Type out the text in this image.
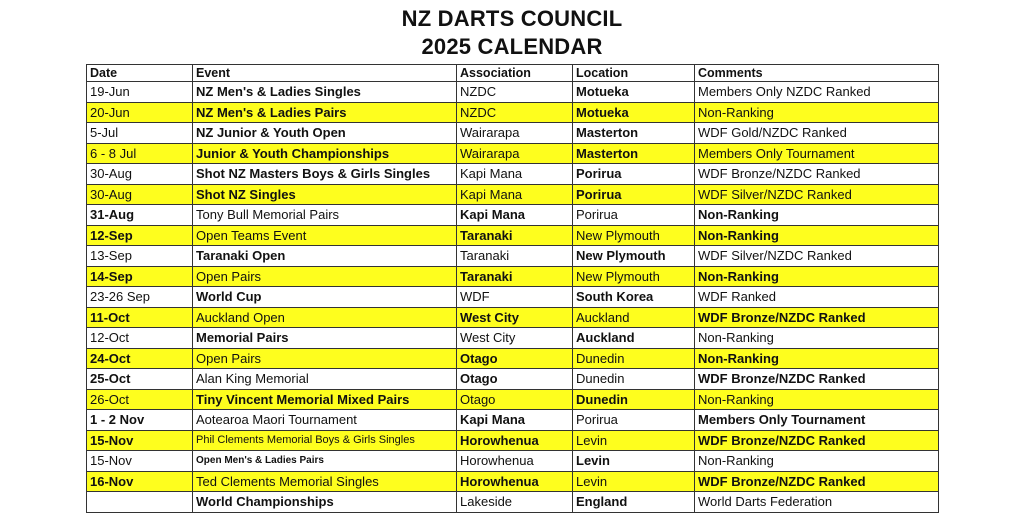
NZ DARTS COUNCIL
2025 CALENDAR
Date	Event	Association	Location	Comments
19-Jun	NZ Men's & Ladies Singles	NZDC	Motueka	Members Only NZDC Ranked
20-Jun	NZ Men's & Ladies Pairs	NZDC	Motueka	Non-Ranking
5-Jul	NZ Junior & Youth Open	Wairarapa	Masterton	WDF Gold/NZDC Ranked
6 - 8 Jul	Junior & Youth Championships	Wairarapa	Masterton	Members Only Tournament
30-Aug	Shot NZ Masters Boys & Girls Singles	Kapi Mana	Porirua	WDF Bronze/NZDC Ranked
30-Aug	Shot NZ Singles	Kapi Mana	Porirua	WDF Silver/NZDC Ranked
31-Aug	Tony Bull Memorial Pairs	Kapi Mana	Porirua	Non-Ranking
12-Sep	Open Teams Event	Taranaki	New Plymouth	Non-Ranking
13-Sep	Taranaki Open	Taranaki	New Plymouth	WDF Silver/NZDC Ranked
14-Sep	Open Pairs	Taranaki	New Plymouth	Non-Ranking
23-26 Sep	World Cup	WDF	South Korea	WDF Ranked
11-Oct	Auckland Open	West City	Auckland	WDF Bronze/NZDC Ranked
12-Oct	Memorial Pairs	West City	Auckland	Non-Ranking
24-Oct	Open Pairs	Otago	Dunedin	Non-Ranking
25-Oct	Alan King Memorial	Otago	Dunedin	WDF Bronze/NZDC Ranked
26-Oct	Tiny Vincent Memorial Mixed Pairs	Otago	Dunedin	Non-Ranking
1 - 2 Nov	Aotearoa Maori Tournament	Kapi Mana	Porirua	Members Only Tournament
15-Nov	Phil Clements Memorial Boys & Girls Singles	Horowhenua	Levin	WDF Bronze/NZDC Ranked
15-Nov	Open Men's & Ladies Pairs	Horowhenua	Levin	Non-Ranking
16-Nov	Ted Clements Memorial Singles	Horowhenua	Levin	WDF Bronze/NZDC Ranked
	World Championships	Lakeside	England	World Darts Federation
